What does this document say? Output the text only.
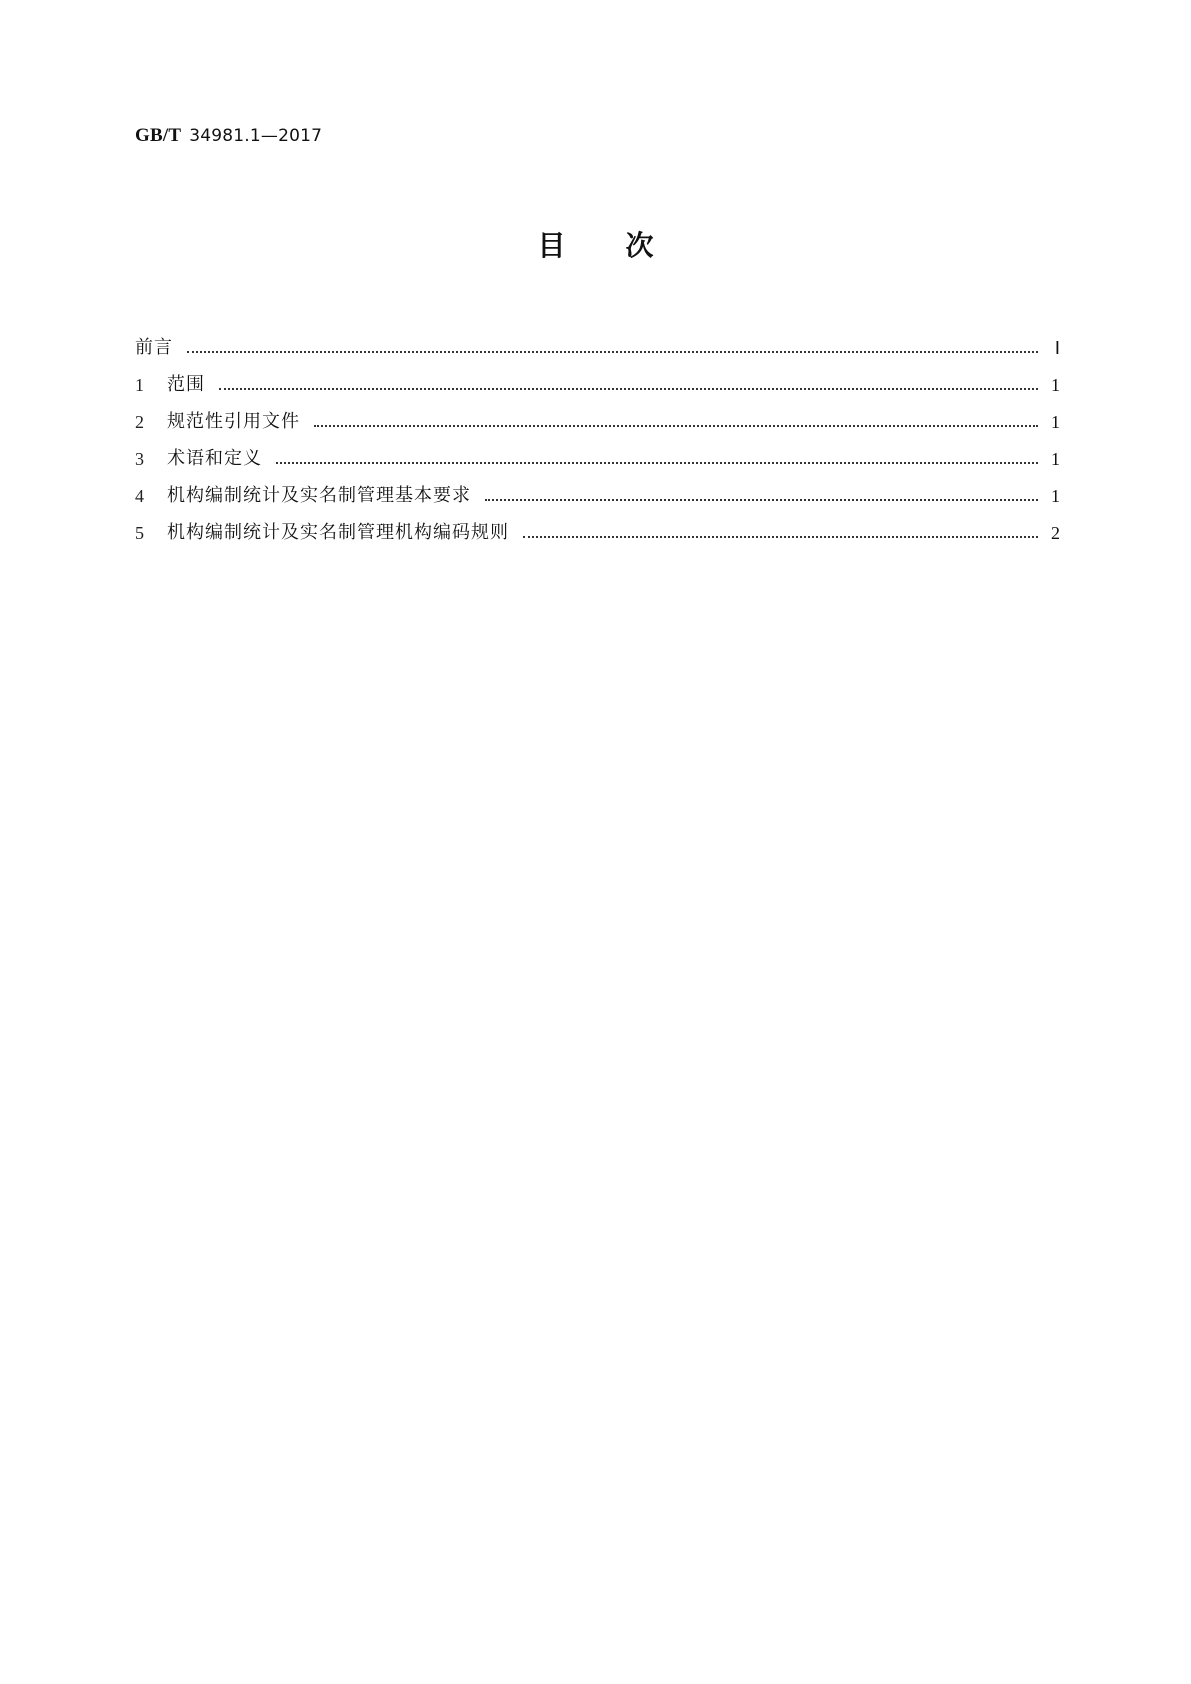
GB/T 34981.1—2017
目次
前言	Ⅰ
1	范围	1
2	规范性引用文件	1
3	术语和定义	1
4	机构编制统计及实名制管理基本要求	1
5	机构编制统计及实名制管理机构编码规则	2
